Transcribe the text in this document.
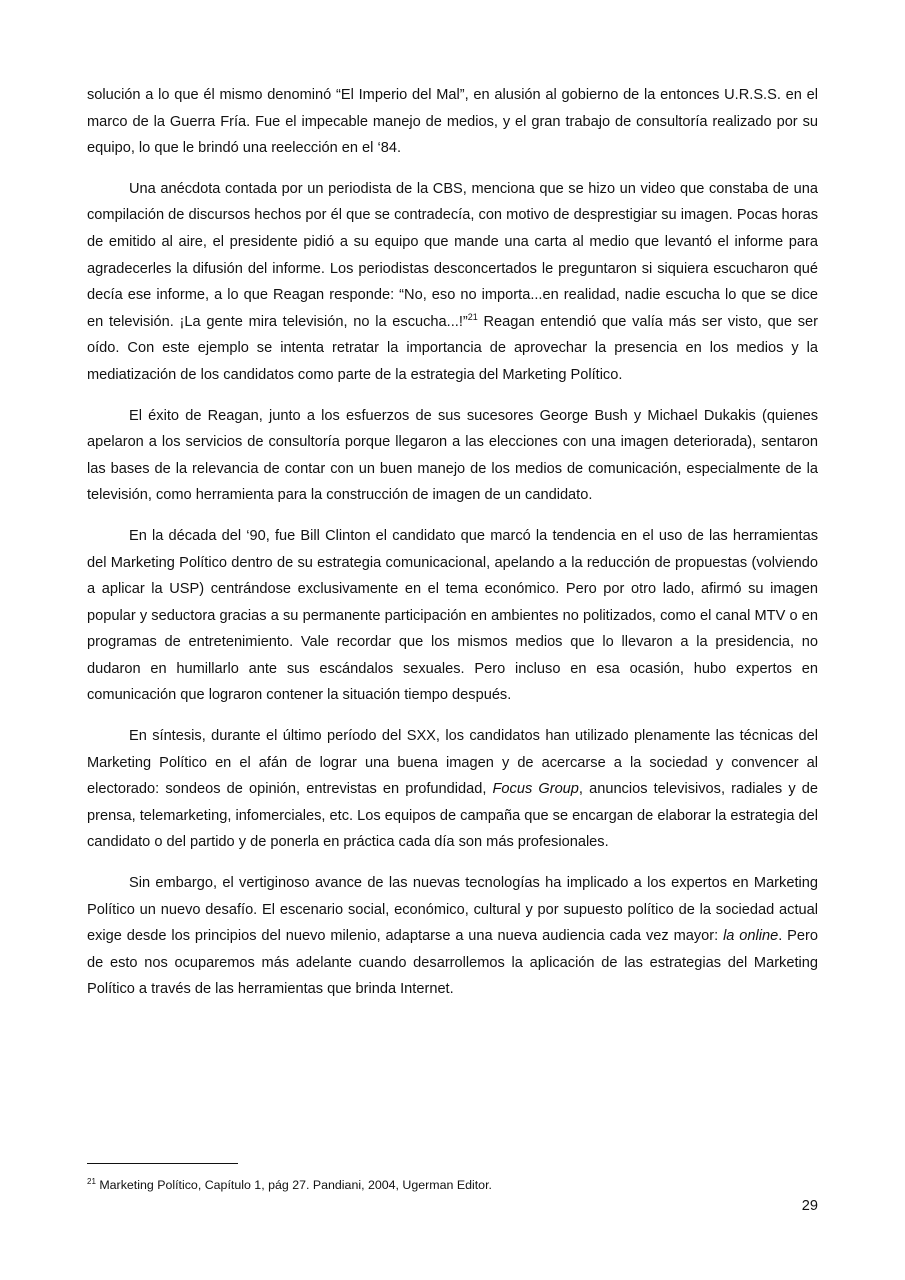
solución a lo que él mismo denominó “El Imperio del Mal”, en alusión al gobierno de la entonces U.R.S.S. en el marco de la Guerra Fría. Fue el impecable manejo de medios, y el gran trabajo de consultoría realizado por su equipo, lo que le brindó una reelección en el ‘84.

Una anécdota contada por un periodista de la CBS, menciona que se hizo un video que constaba de una compilación de discursos hechos por él que se contradecía, con motivo de desprestigiar su imagen. Pocas horas de emitido al aire, el presidente pidió a su equipo que mande una carta al medio que levantó el informe para agradecerles la difusión del informe. Los periodistas desconcertados le preguntaron si siquiera escucharon qué decía ese informe, a lo que Reagan responde: “No, eso no importa...en realidad, nadie escucha lo que se dice en televisión. ¡La gente mira televisión, no la escucha...!”$^{21}$ Reagan entendió que valía más ser visto, que ser oído. Con este ejemplo se intenta retratar la importancia de aprovechar la presencia en los medios y la mediatización de los candidatos como parte de la estrategia del Marketing Político.

El éxito de Reagan, junto a los esfuerzos de sus sucesores George Bush y Michael Dukakis (quienes apelaron a los servicios de consultoría porque llegaron a las elecciones con una imagen deteriorada), sentaron las bases de la relevancia de contar con un buen manejo de los medios de comunicación, especialmente de la televisión, como herramienta para la construcción de imagen de un candidato.

En la década del ‘90, fue Bill Clinton el candidato que marcó la tendencia en el uso de las herramientas del Marketing Político dentro de su estrategia comunicacional, apelando a la reducción de propuestas (volviendo a aplicar la USP) centrándose exclusivamente en el tema económico. Pero por otro lado, afirmó su imagen popular y seductora gracias a su permanente participación en ambientes no politizados, como el canal MTV o en programas de entretenimiento. Vale recordar que los mismos medios que lo llevaron a la presidencia, no dudaron en humillarlo ante sus escándalos sexuales. Pero incluso en esa ocasión, hubo expertos en comunicación que lograron contener la situación tiempo después.

En síntesis, durante el último período del SXX, los candidatos han utilizado plenamente las técnicas del Marketing Político en el afán de lograr una buena imagen y de acercarse a la sociedad y convencer al electorado: sondeos de opinión, entrevistas en profundidad, Focus Group, anuncios televisivos, radiales y de prensa, telemarketing, infomerciales, etc. Los equipos de campaña que se encargan de elaborar la estrategia del candidato o del partido y de ponerla en práctica cada día son más profesionales.

Sin embargo, el vertiginoso avance de las nuevas tecnologías ha implicado a los expertos en Marketing Político un nuevo desafío. El escenario social, económico, cultural y por supuesto político de la sociedad actual exige desde los principios del nuevo milenio, adaptarse a una nueva audiencia cada vez mayor: la online. Pero de esto nos ocuparemos más adelante cuando desarrollemos la aplicación de las estrategias del Marketing Político a través de las herramientas que brinda Internet.

$^{21}$ Marketing Político, Capítulo 1, pág 27. Pandiani, 2004, Ugerman Editor.
29
